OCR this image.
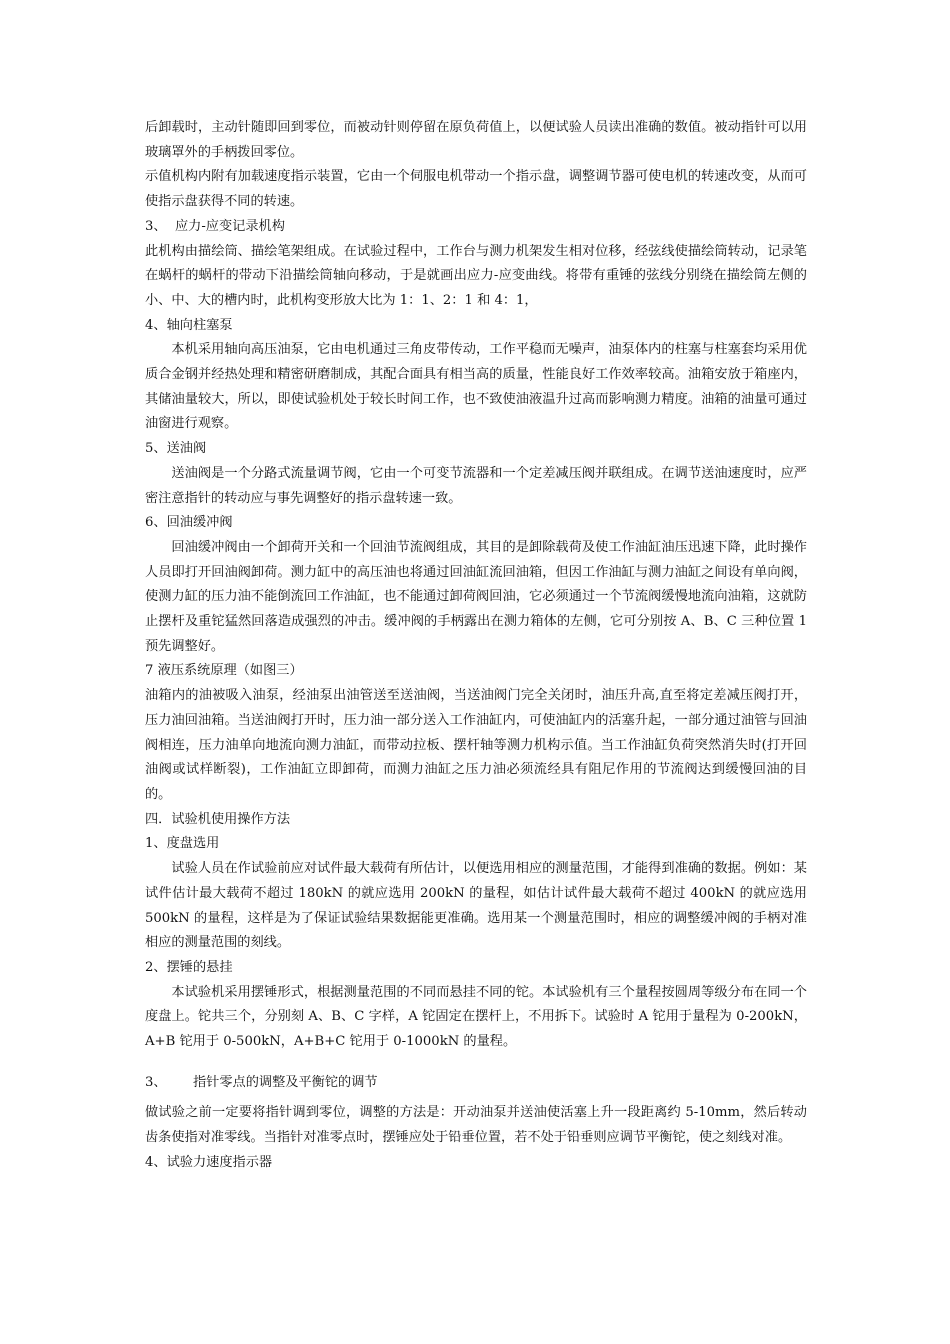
后卸载时，主动针随即回到零位，而被动针则停留在原负荷值上，以便试验人员读出准确的数值。被动指针可以用玻璃罩外的手柄拨回零位。

示值机构内附有加载速度指示装置，它由一个伺服电机带动一个指示盘，调整调节器可使电机的转速改变，从而可使指示盘获得不同的转速。

3、  应力-应变记录机构

此机构由描绘筒、描绘笔架组成。在试验过程中，工作台与测力机架发生相对位移，经弦线使描绘筒转动，记录笔在蜗杆的蜗杆的带动下沿描绘筒轴向移动，于是就画出应力-应变曲线。将带有重锤的弦线分别绕在描绘筒左侧的小、中、大的槽内时，此机构变形放大比为 1：1、2：1 和 4：1，

4、轴向柱塞泵

本机采用轴向高压油泵，它由电机通过三角皮带传动，工作平稳而无噪声，油泵体内的柱塞与柱塞套均采用优质合金钢并经热处理和精密研磨制成，其配合面具有相当高的质量，性能良好工作效率较高。油箱安放于箱座内，其储油量较大，所以，即使试验机处于较长时间工作，也不致使油液温升过高而影响测力精度。油箱的油量可通过油窗进行观察。

5、送油阀

送油阀是一个分路式流量调节阀，它由一个可变节流器和一个定差减压阀并联组成。在调节送油速度时，应严密注意指针的转动应与事先调整好的指示盘转速一致。

6、回油缓冲阀

回油缓冲阀由一个卸荷开关和一个回油节流阀组成，其目的是卸除载荷及使工作油缸油压迅速下降，此时操作人员即打开回油阀卸荷。测力缸中的高压油也将通过回油缸流回油箱，但因工作油缸与测力油缸之间设有单向阀，使测力缸的压力油不能倒流回工作油缸，也不能通过卸荷阀回油，它必须通过一个节流阀缓慢地流向油箱，这就防止摆杆及重铊猛然回落造成强烈的冲击。缓冲阀的手柄露出在测力箱体的左侧，它可分别按 A、B、C 三种位置 1 预先调整好。

7 液压系统原理（如图三）

油箱内的油被吸入油泵，经油泵出油管送至送油阀，当送油阀门完全关闭时，油压升高,直至将定差减压阀打开，压力油回油箱。当送油阀打开时，压力油一部分送入工作油缸内，可使油缸内的活塞升起，一部分通过油管与回油阀相连，压力油单向地流向测力油缸，而带动拉板、摆杆轴等测力机构示值。当工作油缸负荷突然消失时(打开回油阀或试样断裂)，工作油缸立即卸荷，而测力油缸之压力油必须流经具有阻尼作用的节流阀达到缓慢回油的目的。

四．试验机使用操作方法

1、度盘选用

试验人员在作试验前应对试件最大载荷有所估计，以便选用相应的测量范围，才能得到准确的数据。例如：某试件估计最大载荷不超过 180kN 的就应选用 200kN 的量程，如估计试件最大载荷不超过 400kN 的就应选用 500kN 的量程，这样是为了保证试验结果数据能更准确。选用某一个测量范围时，相应的调整缓冲阀的手柄对准相应的测量范围的刻线。

2、摆锤的悬挂

本试验机采用摆锤形式，根据测量范围的不同而悬挂不同的铊。本试验机有三个量程按圆周等级分布在同一个度盘上。铊共三个，分别刻 A、B、C 字样，A 铊固定在摆杆上，不用拆下。试验时 A 铊用于量程为 0-200kN，A+B 铊用于 0-500kN，A+B+C 铊用于 0-1000kN 的量程。

3、 指针零点的调整及平衡铊的调节

做试验之前一定要将指针调到零位，调整的方法是：开动油泵并送油使活塞上升一段距离约 5-10mm，然后转动齿条使指对准零线。当指针对准零点时，摆锤应处于铅垂位置，若不处于铅垂则应调节平衡铊，使之刻线对准。

4、试验力速度指示器
